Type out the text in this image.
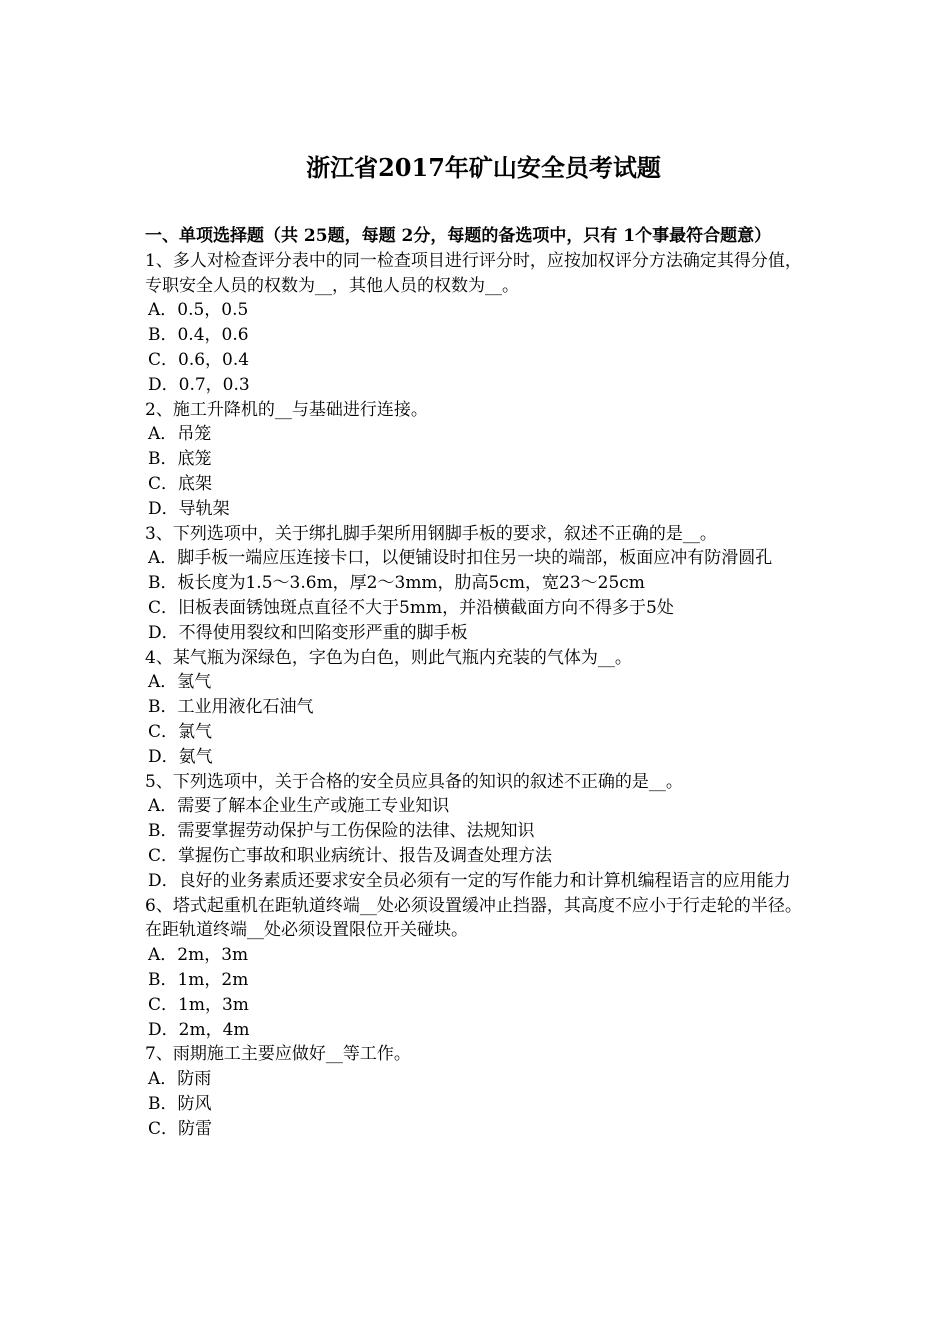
浙江省2017年矿山安全员考试题
一、单项选择题（共 25题，每题 2分，每题的备选项中，只有 1个事最符合题意）
1、多人对检查评分表中的同一检查项目进行评分时，应按加权评分方法确定其得分值，专职安全人员的权数为__，其他人员的权数为__。
A．0.5，0.5
B．0.4，0.6
C．0.6，0.4
D．0.7，0.3
2、施工升降机的__与基础进行连接。
A．吊笼
B．底笼
C．底架
D．导轨架
3、下列选项中，关于绑扎脚手架所用钢脚手板的要求，叙述不正确的是__。
A．脚手板一端应压连接卡口，以便铺设时扣住另一块的端部，板面应冲有防滑圆孔
B．板长度为1.5～3.6m，厚2～3mm，肋高5cm，宽23～25cm
C．旧板表面锈蚀斑点直径不大于5mm，并沿横截面方向不得多于5处
D．不得使用裂纹和凹陷变形严重的脚手板
4、某气瓶为深绿色，字色为白色，则此气瓶内充装的气体为__。
A．氢气
B．工业用液化石油气
C．氯气
D．氨气
5、下列选项中，关于合格的安全员应具备的知识的叙述不正确的是__。
A．需要了解本企业生产或施工专业知识
B．需要掌握劳动保护与工伤保险的法律、法规知识
C．掌握伤亡事故和职业病统计、报告及调查处理方法
D．良好的业务素质还要求安全员必须有一定的写作能力和计算机编程语言的应用能力
6、塔式起重机在距轨道终端__处必须设置缓冲止挡器，其高度不应小于行走轮的半径。在距轨道终端__处必须设置限位开关碰块。
A．2m，3m
B．1m，2m
C．1m，3m
D．2m，4m
7、雨期施工主要应做好__等工作。
A．防雨
B．防风
C．防雷
